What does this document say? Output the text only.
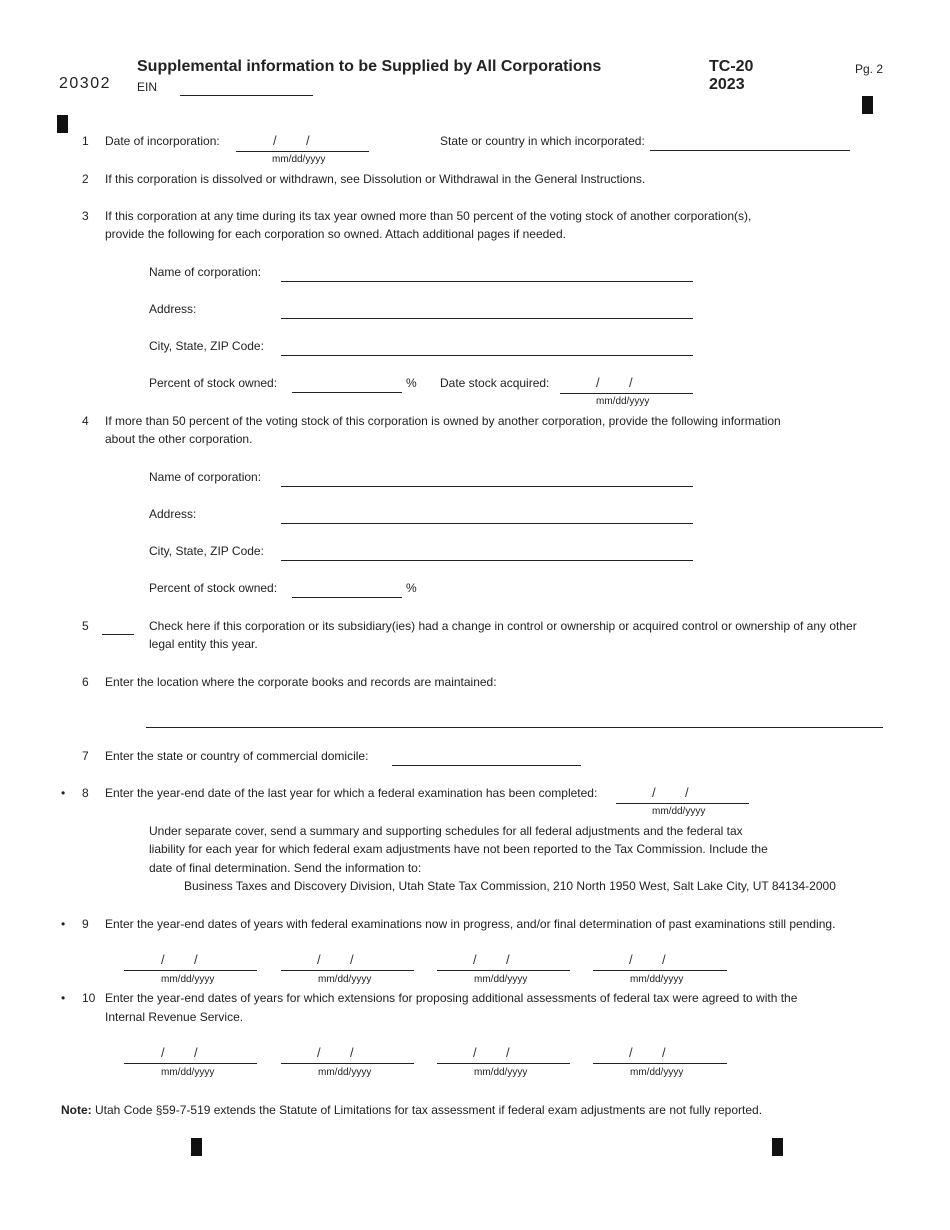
20302
Supplemental information to be Supplied by All Corporations
EIN
TC-20
2023
Pg. 2
1 Date of incorporation:	/ /
mm/dd/yyyy
State or country in which incorporated:
2 If this corporation is dissolved or withdrawn, see Dissolution or Withdrawal in the General Instructions.
3 If this corporation at any time during its tax year owned more than 50 percent of the voting stock of another corporation(s),
provide the following for each corporation so owned. Attach additional pages if needed.
Name of corporation:
Address:
City, State, ZIP Code:
Percent of stock owned:	% Date stock acquired:	/ /
mm/dd/yyyy
4 If more than 50 percent of the voting stock of this corporation is owned by another corporation, provide the following information
about the other corporation.
Name of corporation:
Address:
City, State, ZIP Code:
Percent of stock owned:	%
5	Check here if this corporation or its subsidiary(ies) had a change in control or ownership or acquired control or ownership of any other
legal entity this year.
6 Enter the location where the corporate books and records are maintained:
7 Enter the state or country of commercial domicile:
• 8 Enter the year-end date of the last year for which a federal examination has been completed:	/ /
mm/dd/yyyy
Under separate cover, send a summary and supporting schedules for all federal adjustments and the federal tax
liability for each year for which federal exam adjustments have not been reported to the Tax Commission. Include the
date of final determination. Send the information to:
Business Taxes and Discovery Division, Utah State Tax Commission, 210 North 1950 West, Salt Lake City, UT 84134-2000
• 9 Enter the year-end dates of years with federal examinations now in progress, and/or final determination of past examinations still pending.
/ /
mm/dd/yyyy
/ /
mm/dd/yyyy
/ /
mm/dd/yyyy
/ /
mm/dd/yyyy
• 10 Enter the year-end dates of years for which extensions for proposing additional assessments of federal tax were agreed to with the
Internal Revenue Service.
/ /
mm/dd/yyyy
/ /
mm/dd/yyyy
/ /
mm/dd/yyyy
/ /
mm/dd/yyyy
Note: Utah Code §59-7-519 extends the Statute of Limitations for tax assessment if federal exam adjustments are not fully reported.
